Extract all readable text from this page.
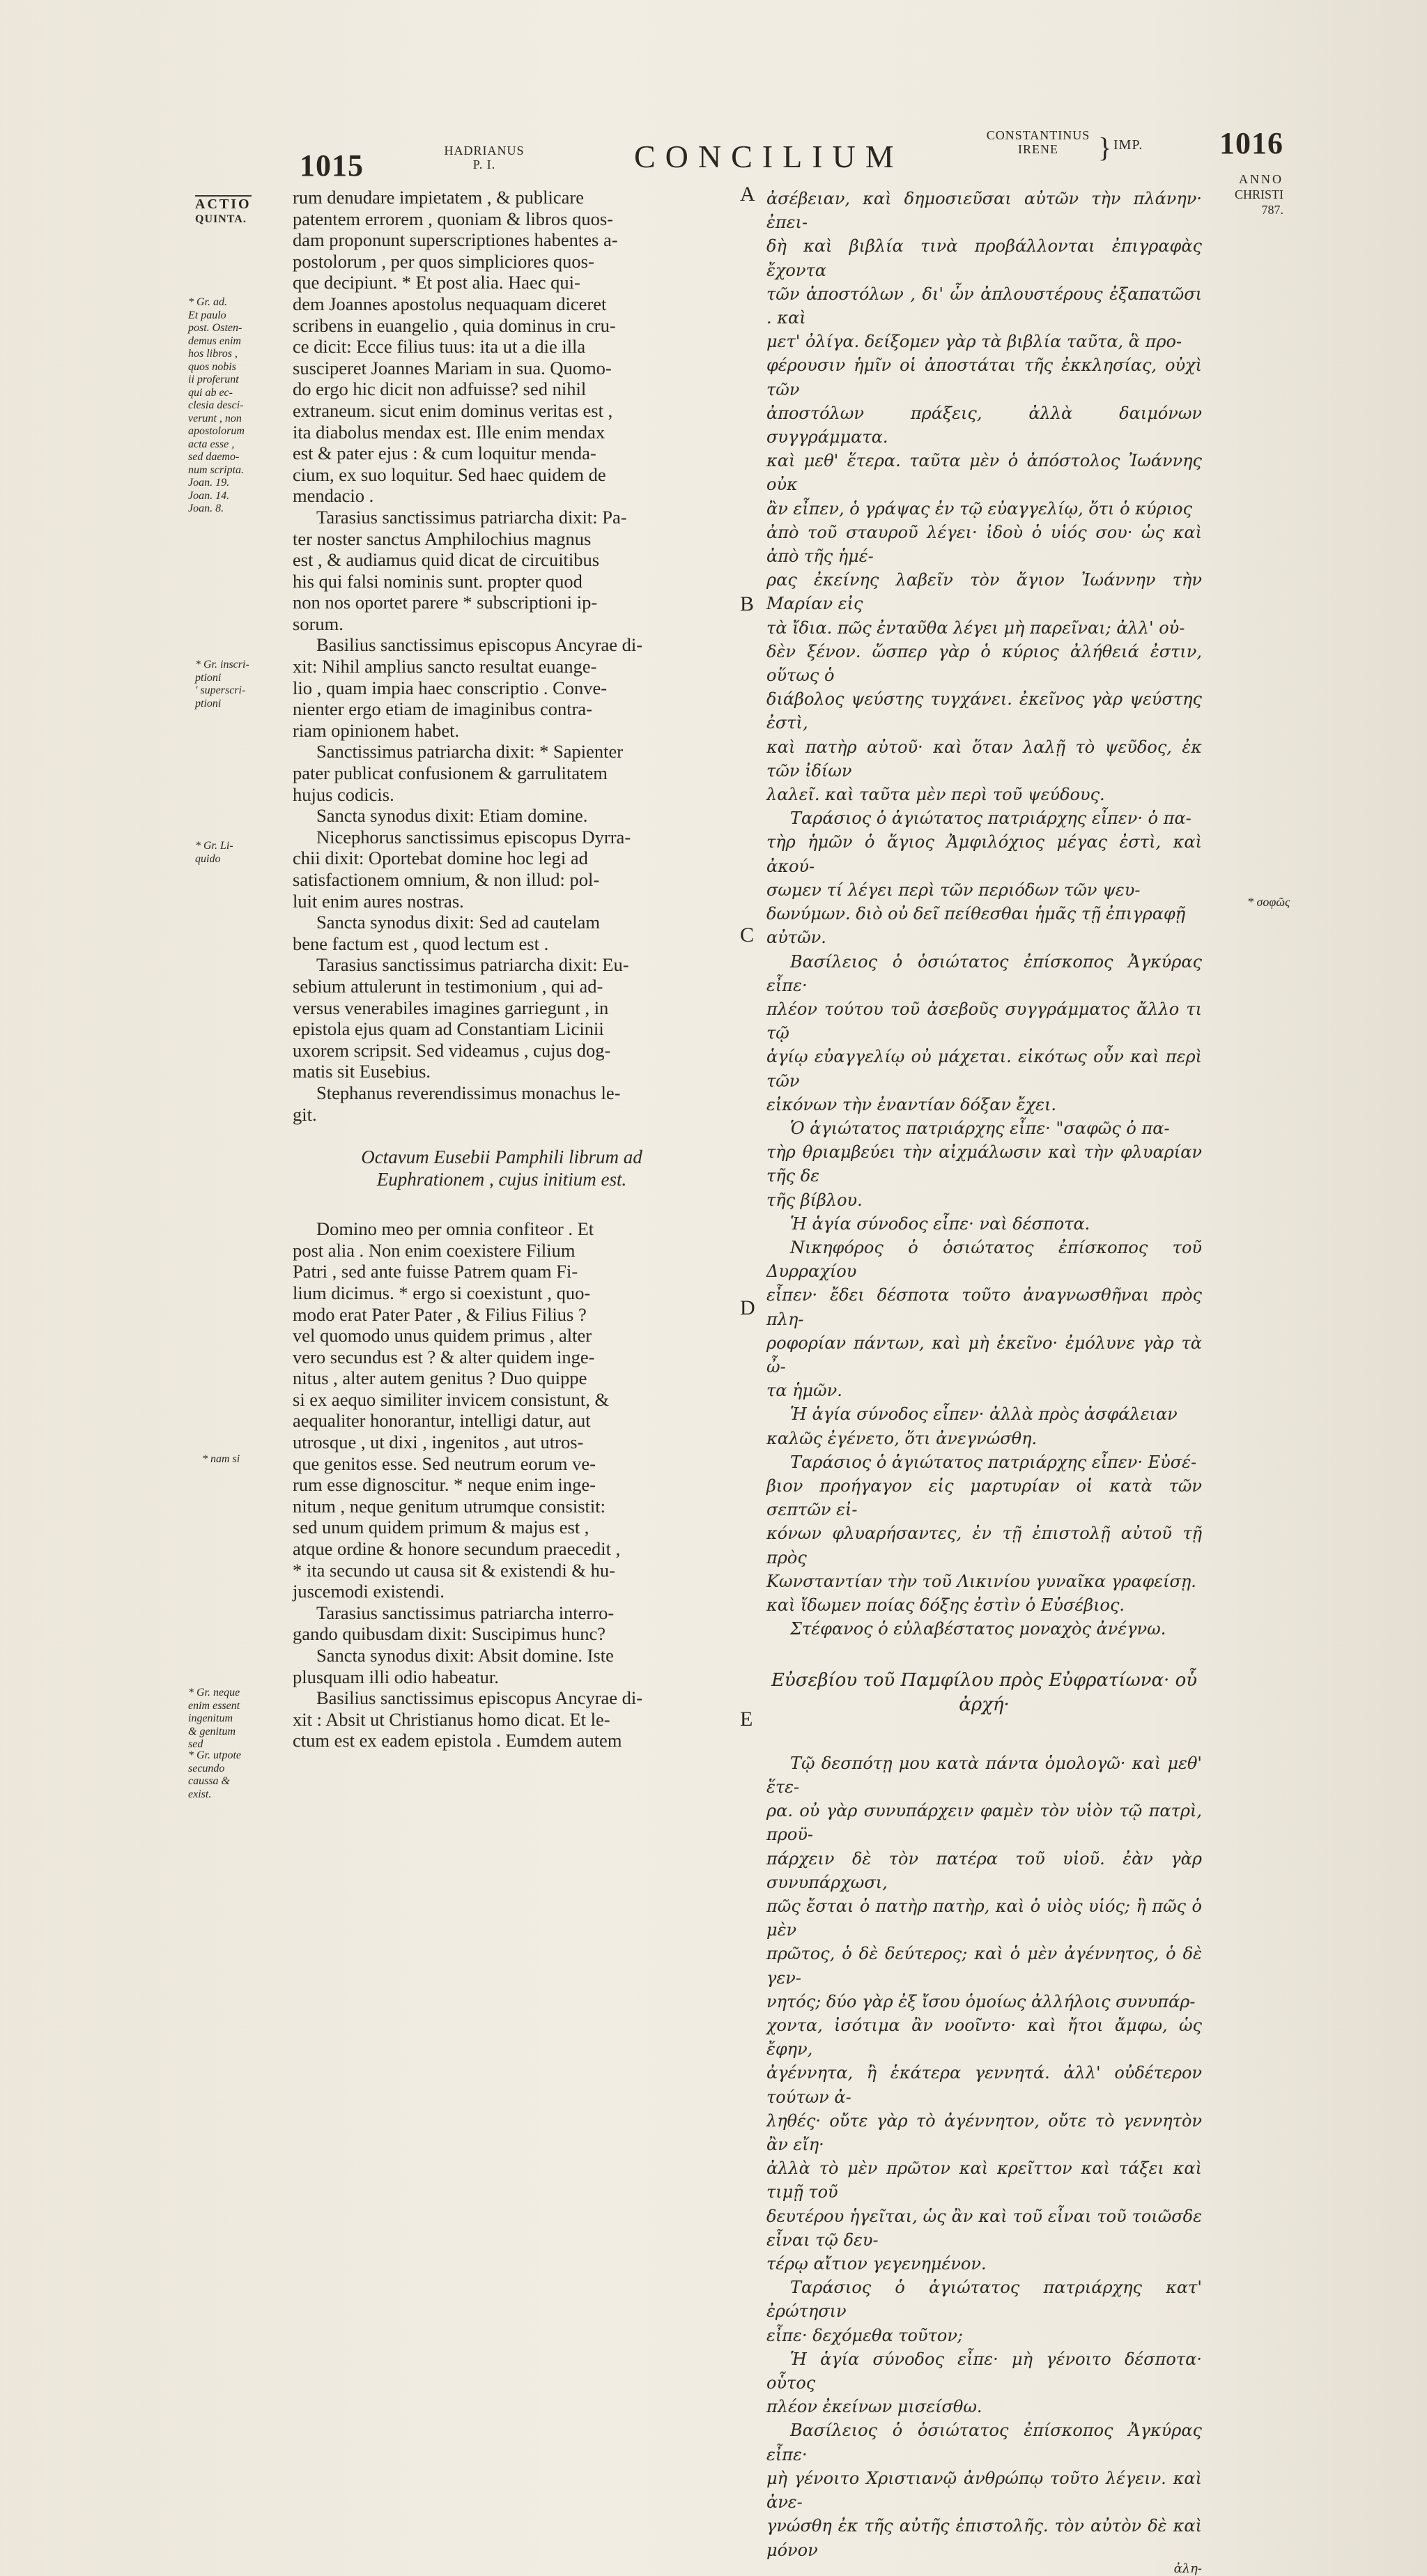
1015	HADRIANUS
P. I.	CONCILIUM
CONSTANTINUS
IRENE	} IMP. 1016
ACTIO
QUINTA.
* Gr. ad.
Et paulo
post. Osten-
demus enim
hos libros ,
quos nobis
ii proferunt
qui ab ec-
clesia desci-
verunt , non
apostolorum
acta esse ,
sed daemo-
num scripta.
Joan. 19.
Joan. 14.
Joan. 8.
* Gr. inscri-
ptioni
' superscri-
ptioni
* Gr. Li-
quido
* nam si
* Gr. neque
enim essent
ingenitum
& genitum
sed
* Gr. utpote
secundo
caussa &
exist.

rum denudare impietatem , & publicare
patentem errorem , quoniam & libros quos-
dam proponunt superscriptiones habentes a-
postolorum , per quos simpliciores quos-
que decipiunt. * Et post alia. Haec qui-
dem Joannes apostolus nequaquam diceret
scribens in euangelio , quia dominus in cru-
ce dicit: Ecce filius tuus: ita ut a die illa
susciperet Joannes Mariam in sua. Quomo-
do ergo hic dicit non adfuisse? sed nihil
extraneum. sicut enim dominus veritas est ,
ita diabolus mendax est. Ille enim mendax
est & pater ejus : & cum loquitur menda-
cium, ex suo loquitur. Sed haec quidem de
mendacio .

Tarasius sanctissimus patriarcha dixit: Pa-
ter noster sanctus Amphilochius magnus
est , & audiamus quid dicat de circuitibus
his qui falsi nominis sunt. propter quod
non nos oportet parere * subscriptioni ip-
sorum.

Basilius sanctissimus episcopus Ancyrae di-
xit: Nihil amplius sancto resultat euange-
lio , quam impia haec conscriptio . Conve-
nienter ergo etiam de imaginibus contra-
riam opinionem habet.

Sanctissimus patriarcha dixit: * Sapienter
pater publicat confusionem & garrulitatem
hujus codicis.

Sancta synodus dixit: Etiam domine.

Nicephorus sanctissimus episcopus Dyrra-
chii dixit: Oportebat domine hoc legi ad
satisfactionem omnium, & non illud: pol-
luit enim aures nostras.

Sancta synodus dixit: Sed ad cautelam
bene factum est , quod lectum est .

Tarasius sanctissimus patriarcha dixit: Eu-
sebium attulerunt in testimonium , qui ad-
versus venerabiles imagines garriegunt , in
epistola ejus quam ad Constantiam Licinii
uxorem scripsit. Sed videamus , cujus dog-
matis sit Eusebius.

Stephanus reverendissimus monachus le-
git.

Octavum Eusebii Pamphili librum ad
Euphrationem , cujus initium est.

Domino meo per omnia confiteor . Et
post alia . Non enim coexistere Filium
Patri , sed ante fuisse Patrem quam Fi-
lium dicimus. * ergo si coexistunt , quo-
modo erat Pater Pater , & Filius Filius ?
vel quomodo unus quidem primus , alter
vero secundus est ? & alter quidem inge-
nitus , alter autem genitus ? Duo quippe
si ex aequo similiter invicem consistunt, &
aequaliter honorantur, intelligi datur, aut
utrosque , ut dixi , ingenitos , aut utros-
que genitos esse. Sed neutrum eorum ve-
rum esse dignoscitur. * neque enim inge-
nitum , neque genitum utrumque consistit:
sed unum quidem primum & majus est ,
atque ordine & honore secundum praecedit ,
* ita secundo ut causa sit & existendi & hu-
juscemodi existendi.

Tarasius sanctissimus patriarcha interro-
gando quibusdam dixit: Suscipimus hunc?

Sancta synodus dixit: Absit domine. Iste
plusquam illi odio habeatur.

Basilius sanctissimus episcopus Ancyrae di-
xit : Absit ut Christianus homo dicat. Et le-
ctum est ex eadem epistola . Eumdem autem

A
B
C
D
E

ἀσέβειαν, καὶ δημοσιεῦσαι αὐτῶν τὴν πλάνην· ἐπει-
δὴ καὶ βιβλία τινὰ προβάλλονται ἐπιγραφὰς ἔχοντα
τῶν ἀποστόλων , δι' ὧν ἀπλουστέρους ἐξαπατῶσι . καὶ
μετ' ὀλίγα. δείξομεν γὰρ τὰ βιβλία ταῦτα, ἃ προ-
φέρουσιν ἡμῖν οἱ ἀποστάται τῆς ἐκκλησίας, οὐχὶ τῶν
ἀποστόλων πράξεις, ἀλλὰ δαιμόνων συγγράμματα.
καὶ μεθ' ἕτερα. ταῦτα μὲν ὁ ἀπόστολος Ἰωάννης οὐκ
ἂν εἶπεν, ὁ γράψας ἐν τῷ εὐαγγελίῳ, ὅτι ὁ κύριος
ἀπὸ τοῦ σταυροῦ λέγει· ἰδοὺ ὁ υἱός σου· ὡς καὶ ἀπὸ τῆς ἡμέ-
ρας ἐκείνης λαβεῖν τὸν ἅγιον Ἰωάννην τὴν Μαρίαν εἰς
τὰ ἴδια. πῶς ἐνταῦθα λέγει μὴ παρεῖναι; ἀλλ' οὐ-
δὲν ξένον. ὥσπερ γὰρ ὁ κύριος ἀλήθειά ἐστιν, οὕτως ὁ
διάβολος ψεύστης τυγχάνει. ἐκεῖνος γὰρ ψεύστης ἐστὶ,
καὶ πατὴρ αὐτοῦ· καὶ ὅταν λαλῇ τὸ ψεῦδος, ἐκ τῶν ἰδίων
λαλεῖ. καὶ ταῦτα μὲν περὶ τοῦ ψεύδους.

Ταράσιος ὁ ἁγιώτατος πατριάρχης εἶπεν· ὁ πα-
τὴρ ἡμῶν ὁ ἅγιος Ἀμφιλόχιος μέγας ἐστὶ, καὶ ἀκού-
σωμεν τί λέγει περὶ τῶν περιόδων τῶν ψευ-
δωνύμων. διὸ οὐ δεῖ πείθεσθαι ἡμᾶς τῇ ἐπιγραφῇ
αὐτῶν.

Βασίλειος ὁ ὁσιώτατος ἐπίσκοπος Ἀγκύρας εἶπε·
πλέον τούτου τοῦ ἀσεβοῦς συγγράμματος ἄλλο τι τῷ
ἁγίῳ εὐαγγελίῳ οὐ μάχεται. εἰκότως οὖν καὶ περὶ τῶν
εἰκόνων τὴν ἐναντίαν δόξαν ἔχει.

Ὁ ἁγιώτατος πατριάρχης εἶπε· "σαφῶς ὁ πα-
τὴρ θριαμβεύει τὴν αἰχμάλωσιν καὶ τὴν φλυαρίαν τῆς δε
τῆς βίβλου.

Ἡ ἁγία σύνοδος εἶπε· ναὶ δέσποτα.

Νικηφόρος ὁ ὁσιώτατος ἐπίσκοπος τοῦ Δυρραχίου
εἶπεν· ἔδει δέσποτα τοῦτο ἀναγνωσθῆναι πρὸς πλη-
ροφορίαν πάντων, καὶ μὴ ἐκεῖνο· ἐμόλυνε γὰρ τὰ ὦ-
τα ἡμῶν.

Ἡ ἁγία σύνοδος εἶπεν· ἀλλὰ πρὸς ἀσφάλειαν
καλῶς ἐγένετο, ὅτι ἀνεγνώσθη.

Ταράσιος ὁ ἁγιώτατος πατριάρχης εἶπεν· Εὐσέ-
βιον προήγαγον εἰς μαρτυρίαν οἱ κατὰ τῶν σεπτῶν εἰ-
κόνων φλυαρήσαντες, ἐν τῇ ἐπιστολῇ αὐτοῦ τῇ πρὸς
Κωνσταντίαν τὴν τοῦ Λικινίου γυναῖκα γραφείσῃ.
καὶ ἴδωμεν ποίας δόξης ἐστὶν ὁ Εὐσέβιος.

Στέφανος ὁ εὐλαβέστατος μοναχὸς ἀνέγνω.

Εὐσεβίου τοῦ Παμφίλου πρὸς Εὐφρατίωνα· οὗ ἀρχή·

Τῷ δεσπότῃ μου κατὰ πάντα ὁμολογῶ· καὶ μεθ' ἕτε-
ρα. οὐ γὰρ συνυπάρχειν φαμὲν τὸν υἱὸν τῷ πατρὶ, προϋ-
πάρχειν δὲ τὸν πατέρα τοῦ υἱοῦ. ἐὰν γὰρ συνυπάρχωσι,
πῶς ἔσται ὁ πατὴρ πατὴρ, καὶ ὁ υἱὸς υἱός; ἢ πῶς ὁ μὲν
πρῶτος, ὁ δὲ δεύτερος; καὶ ὁ μὲν ἀγέννητος, ὁ δὲ γεν-
νητός; δύο γὰρ ἐξ ἴσου ὁμοίως ἀλλήλοις συνυπάρ-
χοντα, ἰσότιμα ἂν νοοῖντο· καὶ ἤτοι ἄμφω, ὡς ἔφην,
ἀγέννητα, ἢ ἑκάτερα γεννητά. ἀλλ' οὐδέτερον τούτων ἀ-
ληθές· οὔτε γὰρ τὸ ἀγέννητον, οὔτε τὸ γεννητὸν ἂν εἴη·
ἀλλὰ τὸ μὲν πρῶτον καὶ κρεῖττον καὶ τάξει καὶ τιμῇ τοῦ
δευτέρου ἡγεῖται, ὡς ἂν καὶ τοῦ εἶναι τοῦ τοιῶσδε εἶναι τῷ δευ-
τέρῳ αἴτιον γεγενημένον.

Ταράσιος ὁ ἁγιώτατος πατριάρχης κατ' ἐρώτησιν
εἶπε· δεχόμεθα τοῦτον;

Ἡ ἁγία σύνοδος εἶπε· μὴ γένοιτο δέσποτα· οὗτος
πλέον ἐκείνων μισείσθω.

Βασίλειος ὁ ὁσιώτατος ἐπίσκοπος Ἀγκύρας εἶπε·
μὴ γένοιτο Χριστιανῷ ἀνθρώπῳ τοῦτο λέγειν. καὶ ἀνε-
γνώσθη ἐκ τῆς αὐτῆς ἐπιστολῆς. τὸν αὐτὸν δὲ καὶ μόνον

ἀλη-
ANNO
CHRISTI
787.
* σοφῶς
